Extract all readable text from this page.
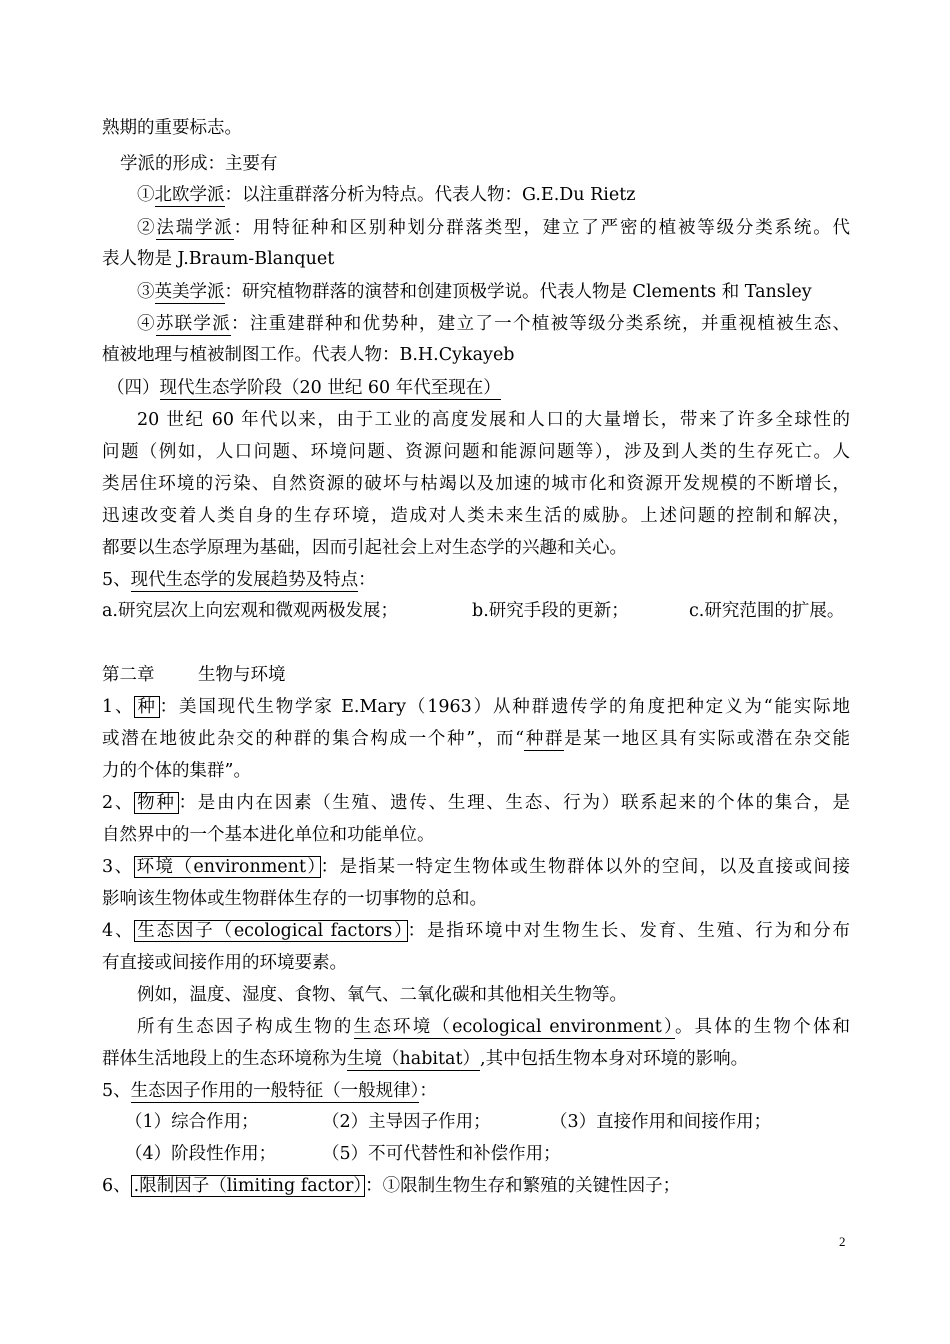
熟期的重要标志。
学派的形成：主要有
①北欧学派：以注重群落分析为特点。代表人物：G.E.Du Rietz
②法瑞学派：用特征种和区别种划分群落类型，建立了严密的植被等级分类系统。代
表人物是 J.Braum-Blanquet
③英美学派：研究植物群落的演替和创建顶极学说。代表人物是 Clements 和 Tansley
④苏联学派：注重建群种和优势种，建立了一个植被等级分类系统，并重视植被生态、
植被地理与植被制图工作。代表人物：B.H.Cykayeb
（四）现代生态学阶段（20 世纪 60 年代至现在）
20 世纪 60 年代以来，由于工业的高度发展和人口的大量增长，带来了许多全球性的
问题（例如，人口问题、环境问题、资源问题和能源问题等），涉及到人类的生存死亡。人
类居住环境的污染、自然资源的破坏与枯竭以及加速的城市化和资源开发规模的不断增长，
迅速改变着人类自身的生存环境，造成对人类未来生活的威胁。上述问题的控制和解决，
都要以生态学原理为基础，因而引起社会上对生态学的兴趣和关心。
5、现代生态学的发展趋势及特点：
a.研究层次上向宏观和微观两极发展；	b.研究手段的更新；	c.研究范围的扩展。
第二章 生物与环境
1、 种 ：美国现代生物学家 E.Mary（1963）从种群遗传学的角度把种定义为“能实际地
或潜在地彼此杂交的种群的集合构成一个种”，而“种群是某一地区具有实际或潜在杂交能
力的个体的集群”。
2、 物种 ：是由内在因素（生殖、遗传、生理、生态、行为）联系起来的个体的集合，是
自然界中的一个基本进化单位和功能单位。
3、 环境（environment） ：是指某一特定生物体或生物群体以外的空间，以及直接或间接
影响该生物体或生物群体生存的一切事物的总和。
4、 生态因子（ecological factors） ：是指环境中对生物生长、发育、生殖、行为和分布
有直接或间接作用的环境要素。
例如，温度、湿度、食物、氧气、二氧化碳和其他相关生物等。
所有生态因子构成生物的生态环境（ecological environment）。具体的生物个体和
群体生活地段上的生态环境称为生境（habitat）,其中包括生物本身对环境的影响。
5、生态因子作用的一般特征（一般规律）：
（1）综合作用；	（2）主导因子作用；	（3）直接作用和间接作用；
（4）阶段性作用；	（5）不可代替性和补偿作用；
6、 .限制因子（limiting factor） ：①限制生物生存和繁殖的关键性因子；
2
